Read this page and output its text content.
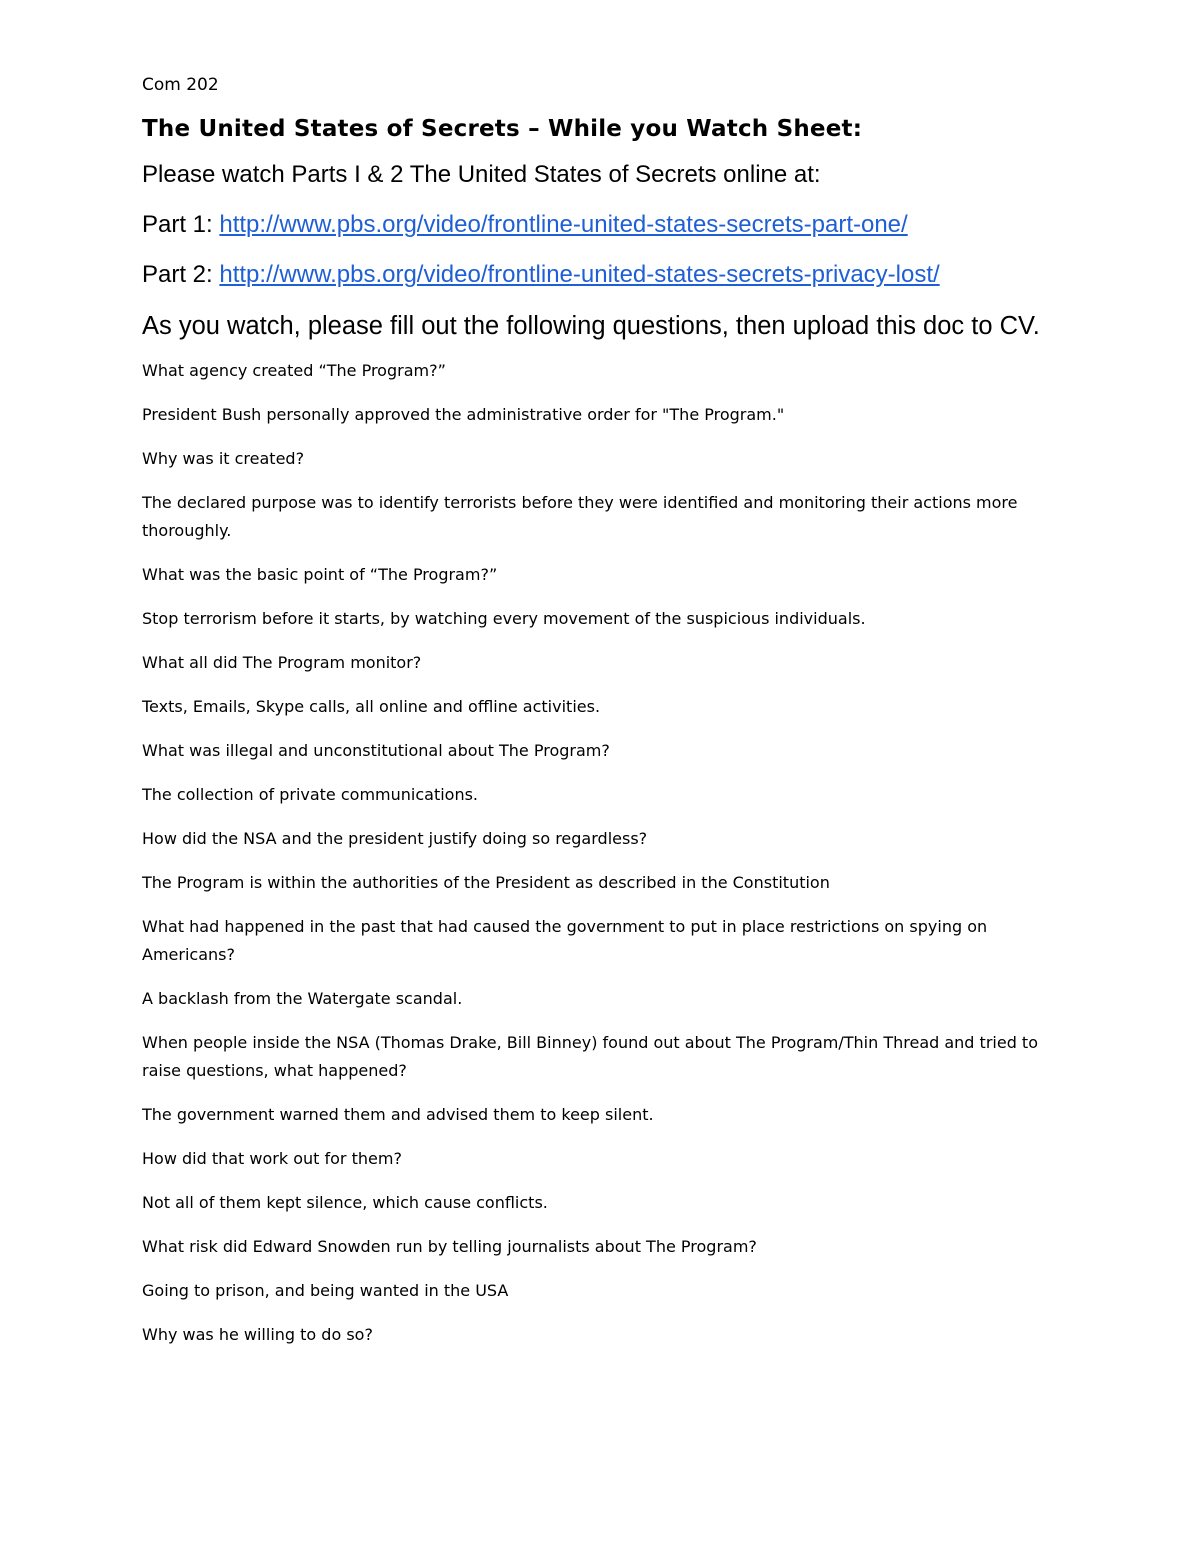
Com 202

The United States of Secrets – While you Watch Sheet:

Please watch Parts I & 2 The United States of Secrets online at:

Part 1: http://www.pbs.org/video/frontline-united-states-secrets-part-one/

Part 2: http://www.pbs.org/video/frontline-united-states-secrets-privacy-lost/

As you watch, please fill out the following questions, then upload this doc to CV.

What agency created “The Program?”

President Bush personally approved the administrative order for "The Program."

Why was it created?

The declared purpose was to identify terrorists before they were identified and monitoring their actions more thoroughly.

What was the basic point of “The Program?”

Stop terrorism before it starts, by watching every movement of the suspicious individuals.

What all did The Program monitor?

Texts, Emails, Skype calls, all online and offline activities.

What was illegal and unconstitutional about The Program?

The collection of private communications.

How did the NSA and the president justify doing so regardless?

The Program is within the authorities of the President as described in the Constitution

What had happened in the past that had caused the government to put in place restrictions on spying on Americans?

A backlash from the Watergate scandal.

When people inside the NSA (Thomas Drake, Bill Binney) found out about The Program/Thin Thread and tried to raise questions, what happened?

The government warned them and advised them to keep silent.

How did that work out for them?

Not all of them kept silence, which cause conflicts.

What risk did Edward Snowden run by telling journalists about The Program?

Going to prison, and being wanted in the USA

Why was he willing to do so?
